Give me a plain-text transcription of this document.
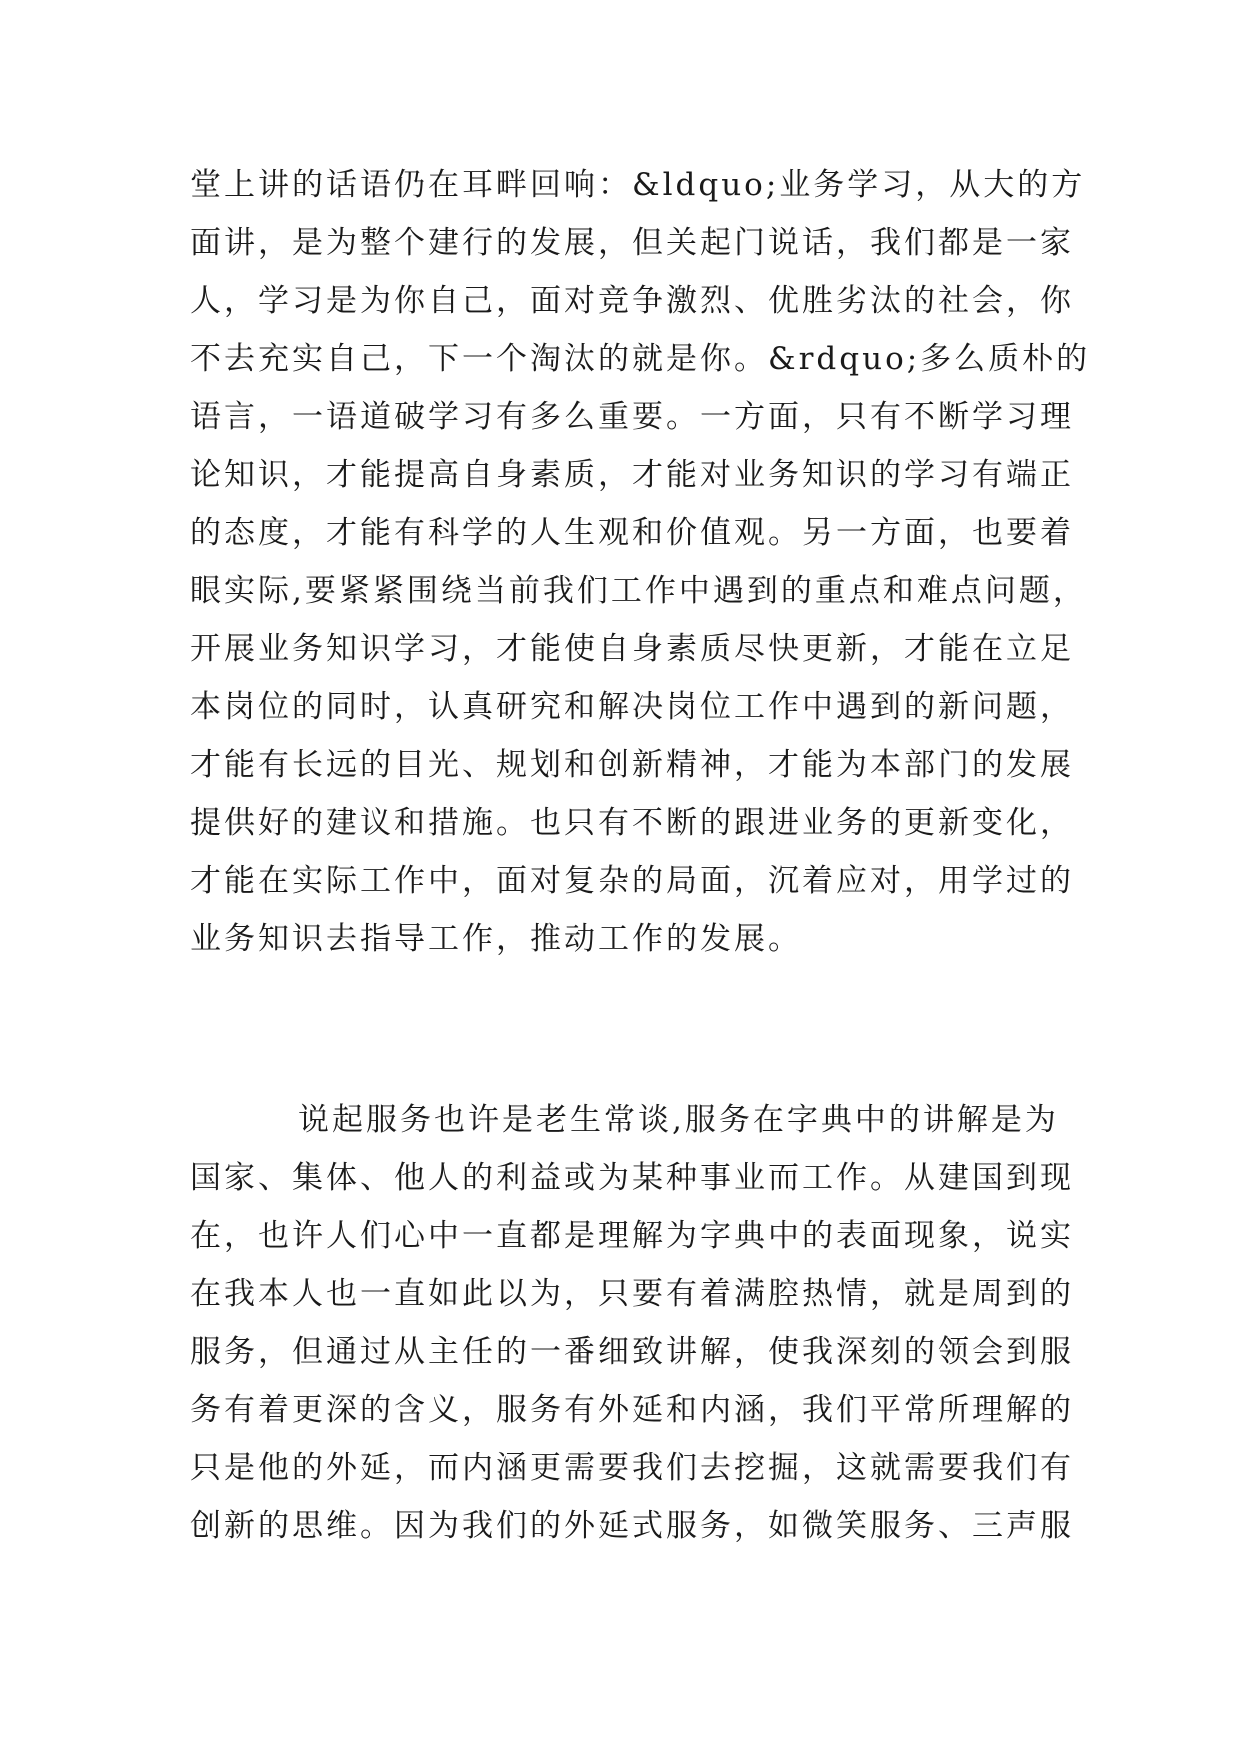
堂上讲的话语仍在耳畔回响：&ldquo;业务学习，从大的方
面讲，是为整个建行的发展，但关起门说话，我们都是一家
人，学习是为你自己，面对竞争激烈、优胜劣汰的社会，你
不去充实自己，下一个淘汰的就是你。&rdquo;多么质朴的
语言，一语道破学习有多么重要。一方面，只有不断学习理
论知识，才能提高自身素质，才能对业务知识的学习有端正
的态度，才能有科学的人生观和价值观。另一方面，也要着
眼实际,要紧紧围绕当前我们工作中遇到的重点和难点问题，
开展业务知识学习，才能使自身素质尽快更新，才能在立足
本岗位的同时，认真研究和解决岗位工作中遇到的新问题，
才能有长远的目光、规划和创新精神，才能为本部门的发展
提供好的建议和措施。也只有不断的跟进业务的更新变化，
才能在实际工作中，面对复杂的局面，沉着应对，用学过的
业务知识去指导工作，推动工作的发展。
说起服务也许是老生常谈,服务在字典中的讲解是为
国家、集体、他人的利益或为某种事业而工作。从建国到现
在，也许人们心中一直都是理解为字典中的表面现象，说实
在我本人也一直如此以为，只要有着满腔热情，就是周到的
服务，但通过从主任的一番细致讲解，使我深刻的领会到服
务有着更深的含义，服务有外延和内涵，我们平常所理解的
只是他的外延，而内涵更需要我们去挖掘，这就需要我们有
创新的思维。因为我们的外延式服务，如微笑服务、三声服
